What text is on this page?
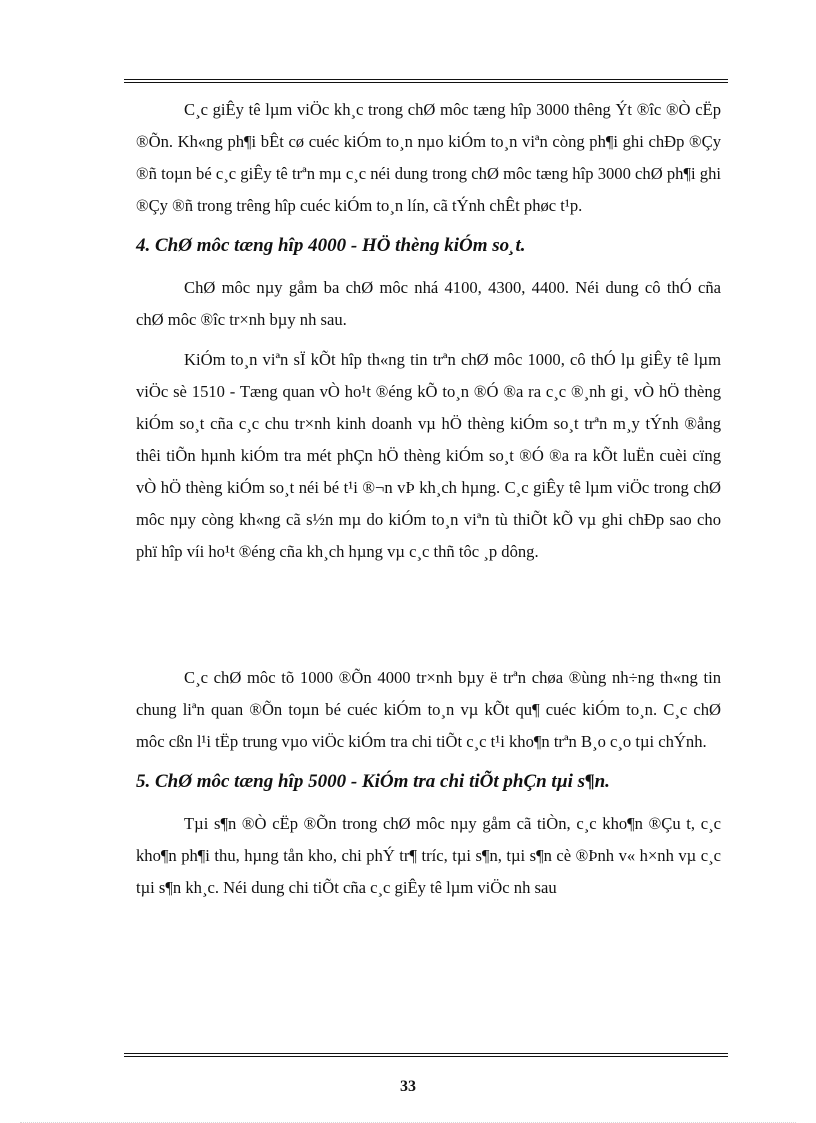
C¸c giÊy tê lµm viÖc kh¸c trong chØ môc tæng hîp 3000 thêng Ýt ®îc ®Ò cËp ®Õn. Kh«ng ph¶i bÊt cø cuéc kiÓm to¸n nµo kiÓm to¸n viªn còng ph¶i ghi chÐp ®Çy ®ñ toµn bé c¸c giÊy tê trªn mµ c¸c néi dung trong chØ môc tæng hîp 3000 chØ ph¶i ghi ®Çy ®ñ trong trêng hîp cuéc kiÓm to¸n lín, cã tÝnh chÊt phøc t¹p.

4. ChØ môc tæng hîp 4000 - HÖ thèng kiÓm so¸t.

ChØ môc nµy gåm ba chØ môc nhá 4100, 4300, 4400. Néi dung cô thÓ cña chØ môc ®îc tr×nh bµy nh sau.

KiÓm to¸n viªn sÏ kÕt hîp th«ng tin trªn chØ môc 1000, cô thÓ lµ giÊy tê lµm viÖc sè 1510 - Tæng quan vÒ ho¹t ®éng kÕ to¸n ®Ó ®a ra c¸c ®¸nh gi¸ vÒ hÖ thèng kiÓm so¸t cña c¸c chu tr×nh kinh doanh vµ hÖ thèng kiÓm so¸t trªn m¸y tÝnh ®ång thêi tiÕn hµnh kiÓm tra mét phÇn hÖ thèng kiÓm so¸t ®Ó ®a ra kÕt luËn cuèi cïng vÒ hÖ thèng kiÓm so¸t néi bé t¹i ®¬n vÞ kh¸ch hµng. C¸c giÊy tê lµm viÖc trong chØ môc nµy còng kh«ng cã s½n mµ do kiÓm to¸n viªn tù thiÕt kÕ vµ ghi chÐp sao cho phï hîp víi ho¹t ®éng cña kh¸ch hµng vµ c¸c thñ tôc ¸p dông.

C¸c chØ môc tõ 1000 ®Õn 4000 tr×nh bµy ë trªn chøa ®ùng nh÷ng th«ng tin chung liªn quan ®Õn toµn bé cuéc kiÓm to¸n vµ kÕt qu¶ cuéc kiÓm to¸n. C¸c chØ môc cßn l¹i tËp trung vµo viÖc kiÓm tra chi tiÕt c¸c t¹i kho¶n trªn B¸o c¸o tµi chÝnh.

5. ChØ môc tæng hîp 5000 - KiÓm tra chi tiÕt phÇn tµi s¶n.

Tµi s¶n ®Ò cËp ®Õn trong chØ môc nµy gåm cã tiÒn, c¸c kho¶n ®Çu t, c¸c kho¶n ph¶i thu, hµng tån kho, chi phÝ tr¶ tríc, tµi s¶n, tµi s¶n cè ®Þnh v« h×nh vµ c¸c tµi s¶n kh¸c. Néi dung chi tiÕt cña c¸c giÊy tê lµm viÖc nh sau

33
